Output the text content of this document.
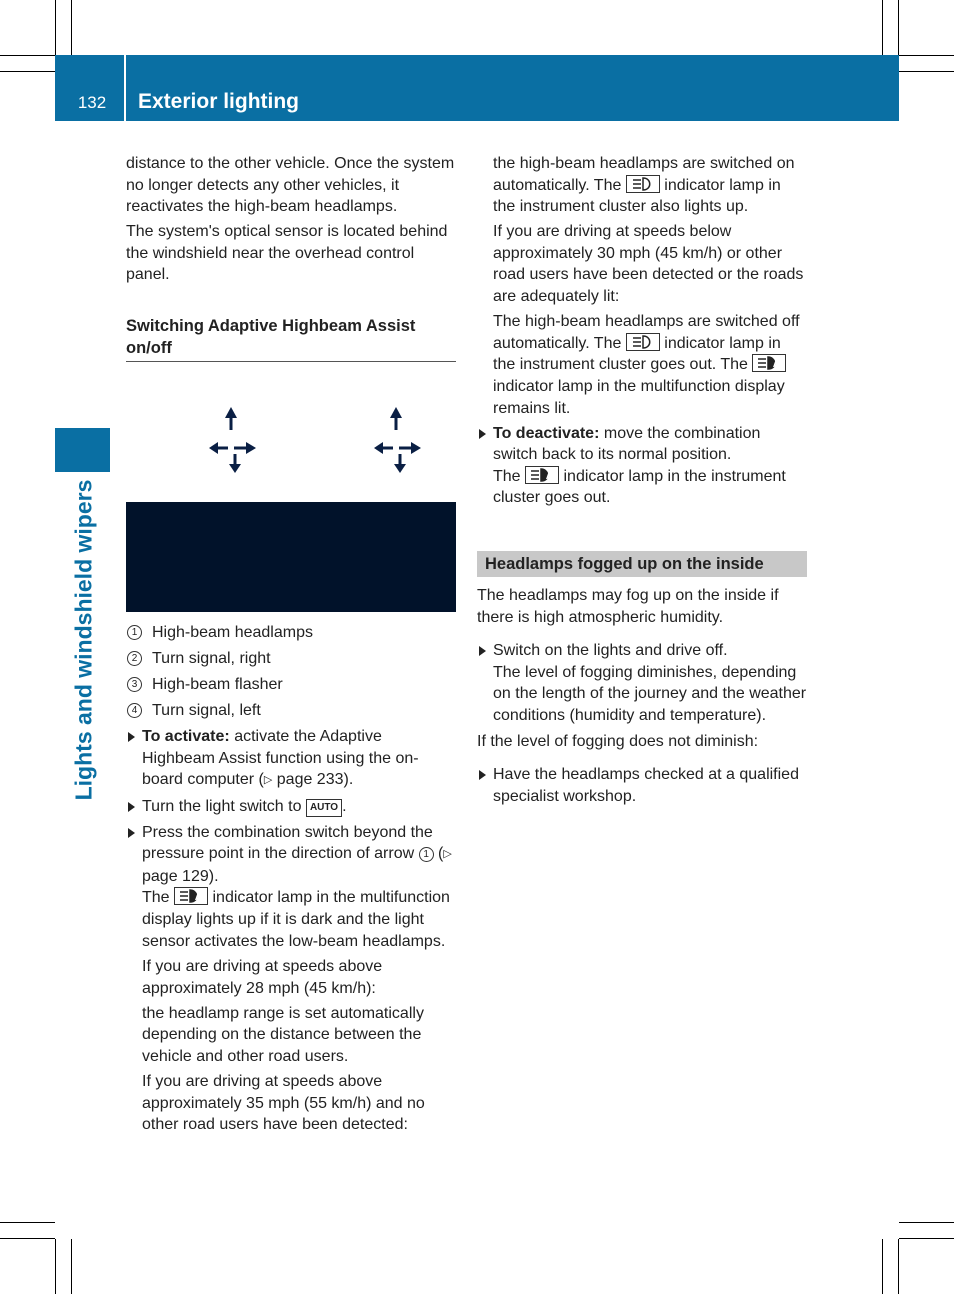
132	Exterior lighting
Lights and windshield wipers

distance to the other vehicle. Once the system no longer detects any other vehicles, it reactivates the high-beam headlamps.

The system's optical sensor is located behind the windshield near the overhead control panel.

Switching Adaptive Highbeam Assist on/off
1 High-beam headlamps
2 Turn signal, right
3 High-beam flasher
4 Turn signal, left
To activate: activate the Adaptive Highbeam Assist function using the on-board computer (▷ page 233).
Turn the light switch to AUTO .
Press the combination switch beyond the pressure point in the direction of arrow 1 (▷ page 129).
The	A indicator lamp in the multifunction display lights up if it is dark and the light sensor activates the low-beam headlamps.

If you are driving at speeds above approximately 28 mph (45 km/h):

the headlamp range is set automatically depending on the distance between the vehicle and other road users.

If you are driving at speeds above approximately 35 mph (55 km/h) and no other road users have been detected:

the high-beam headlamps are switched on automatically. The	indicator lamp in the instrument cluster also lights up.

If you are driving at speeds below approximately 30 mph (45 km/h) or other road users have been detected or the roads are adequately lit:

The high-beam headlamps are switched off automatically. The	indicator lamp in the instrument cluster goes out. The	A
indicator lamp in the multifunction display remains lit.

To deactivate: move the combination switch back to its normal position.
The	A indicator lamp in the instrument cluster goes out.
Headlamps fogged up on the inside

The headlamps may fog up on the inside if there is high atmospheric humidity.

Switch on the lights and drive off.
The level of fogging diminishes, depending on the length of the journey and the weather conditions (humidity and temperature).

If the level of fogging does not diminish:

Have the headlamps checked at a qualified specialist workshop.
